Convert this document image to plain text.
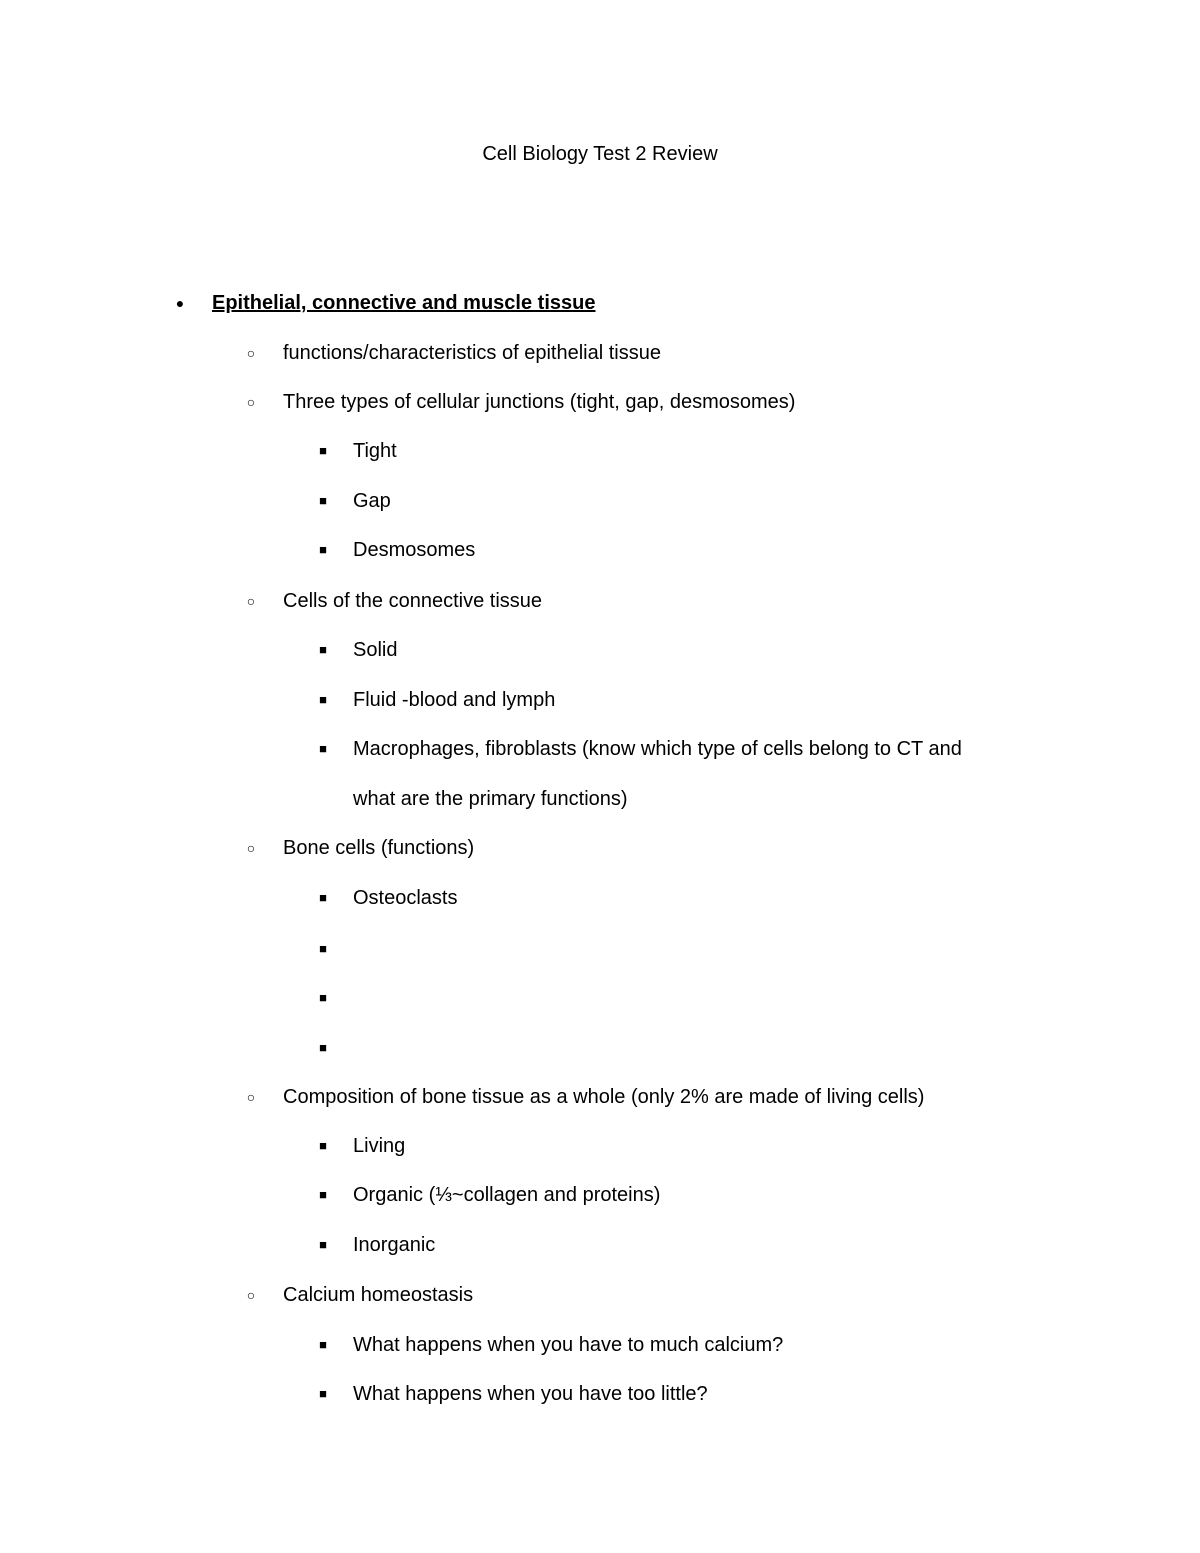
Cell Biology Test 2 Review
● Epithelial, connective and muscle tissue
○ functions/characteristics of epithelial tissue
○ Three types of cellular junctions (tight, gap, desmosomes)
■	Tight
■	Gap
■	Desmosomes
○ Cells of the connective tissue
■	Solid
■	Fluid -blood and lymph
■	Macrophages, fibroblasts (know which type of cells belong to CT and
what are the primary functions)
○ Bone cells (functions)
■	Osteoclasts
■
■
■
○ Composition of bone tissue as a whole (only 2% are made of living cells)
■	Living
■	Organic (⅓~collagen and proteins)
■	Inorganic
○ Calcium homeostasis
■	What happens when you have to much calcium?
■	What happens when you have too little?
